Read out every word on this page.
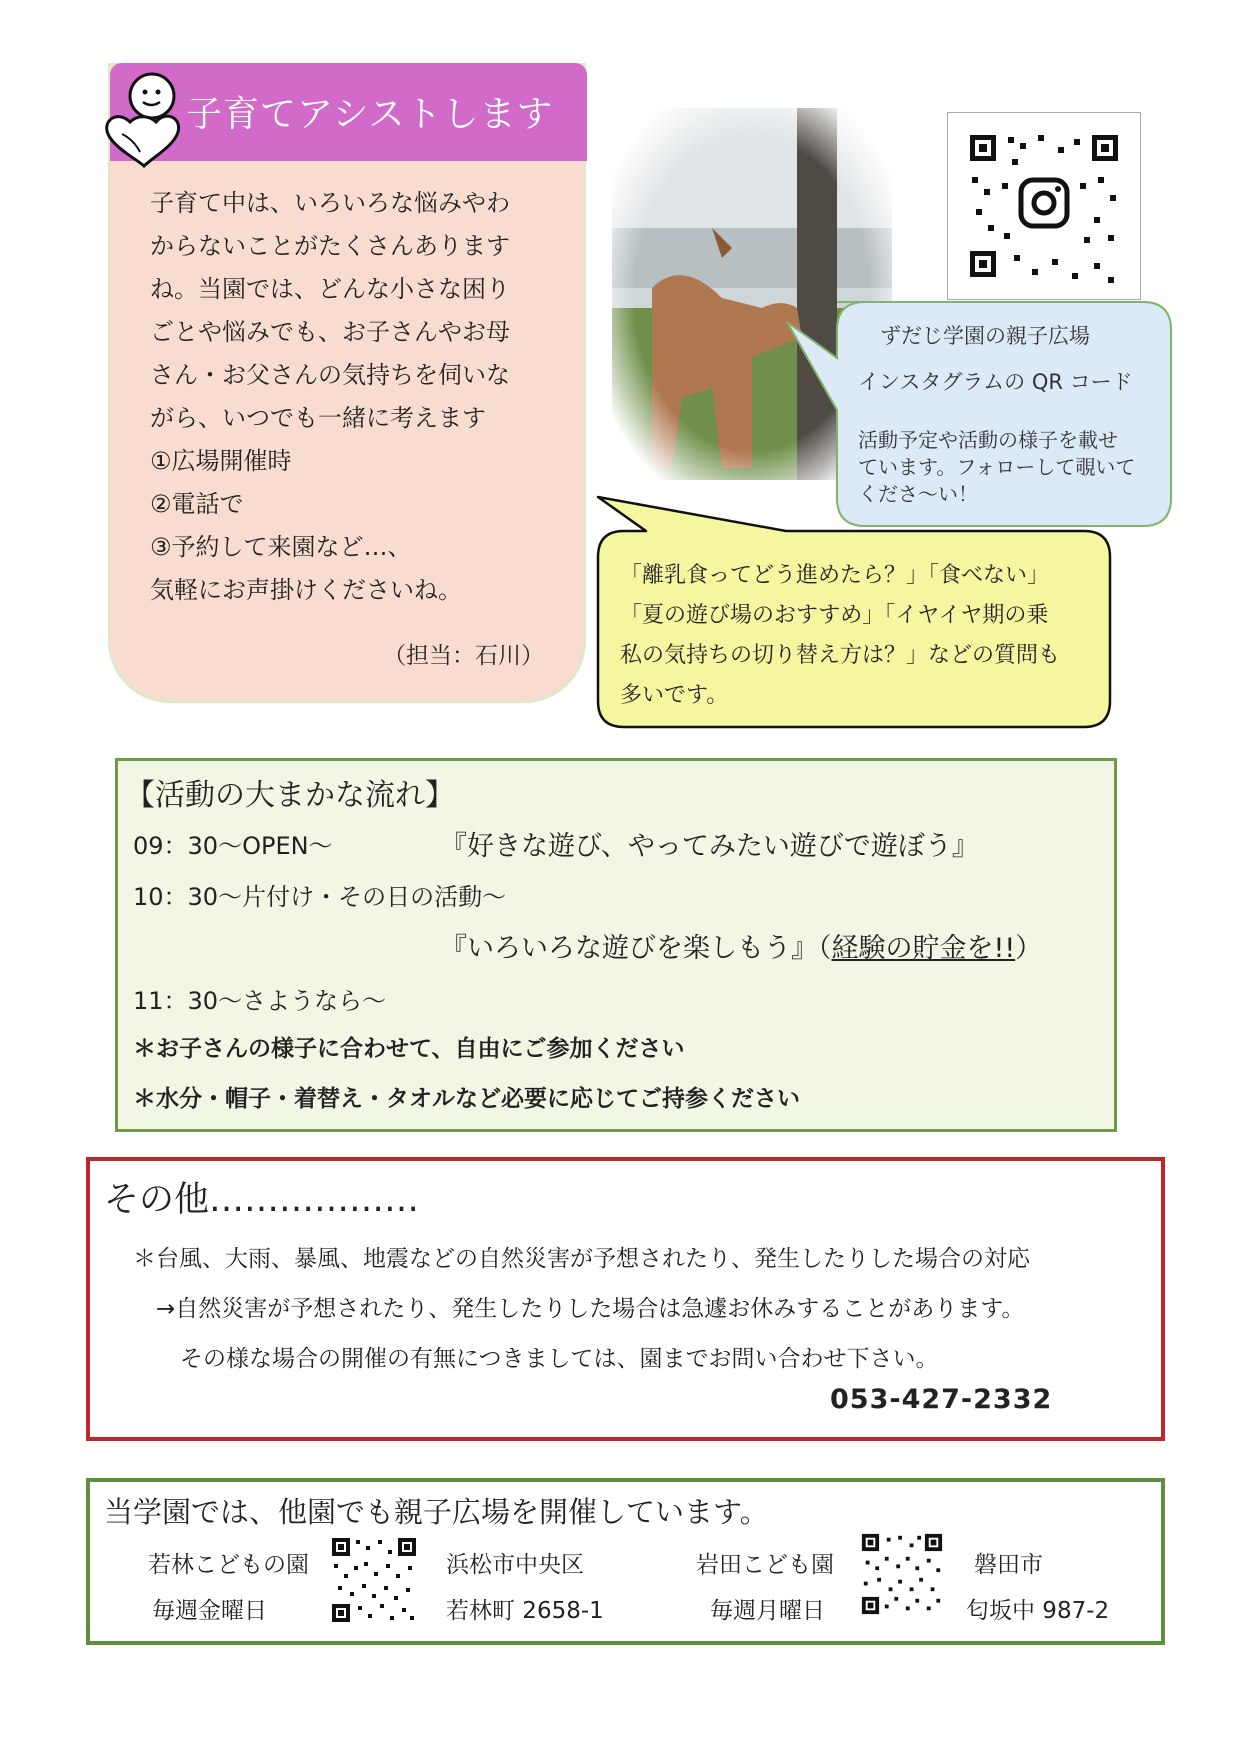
子育てアシストします
子育て中は、いろいろな悩みやわ
からないことがたくさんあります
ね。当園では、どんな小さな困り
ごとや悩みでも、お子さんやお母
さん・お父さんの気持ちを伺いな
がら、いつでも一緒に考えます
①広場開催時
②電話で
③予約して来園など…、
気軽にお声掛けくださいね。
（担当：石川）
ずだじ学園の親子広場
インスタグラムの QR コード
活動予定や活動の様子を載せ
ています。フォローして覗いて
くださ～い！
「離乳食ってどう進めたら？」「食べない」
「夏の遊び場のおすすめ」「イヤイヤ期の乗
私の気持ちの切り替え方は？」などの質問も
多いです。
【活動の大まかな流れ】
09：30～OPEN～	『好きな遊び、やってみたい遊びで遊ぼう』
10：30～片付け・その日の活動～
『いろいろな遊びを楽しもう』（経験の貯金を!!）
11：30～さようなら～
＊お子さんの様子に合わせて、自由にご参加ください
＊水分・帽子・着替え・タオルなど必要に応じてご持参ください
その他………………
＊台風、大雨、暴風、地震などの自然災害が予想されたり、発生したりした場合の対応
→自然災害が予想されたり、発生したりした場合は急遽お休みすることがあります。
その様な場合の開催の有無につきましては、園までお問い合わせ下さい。
053-427-2332
当学園では、他園でも親子広場を開催しています。
若林こどもの園
毎週金曜日
浜松市中央区
若林町 2658-1
岩田こども園
毎週月曜日
磐田市
匂坂中 987-2
